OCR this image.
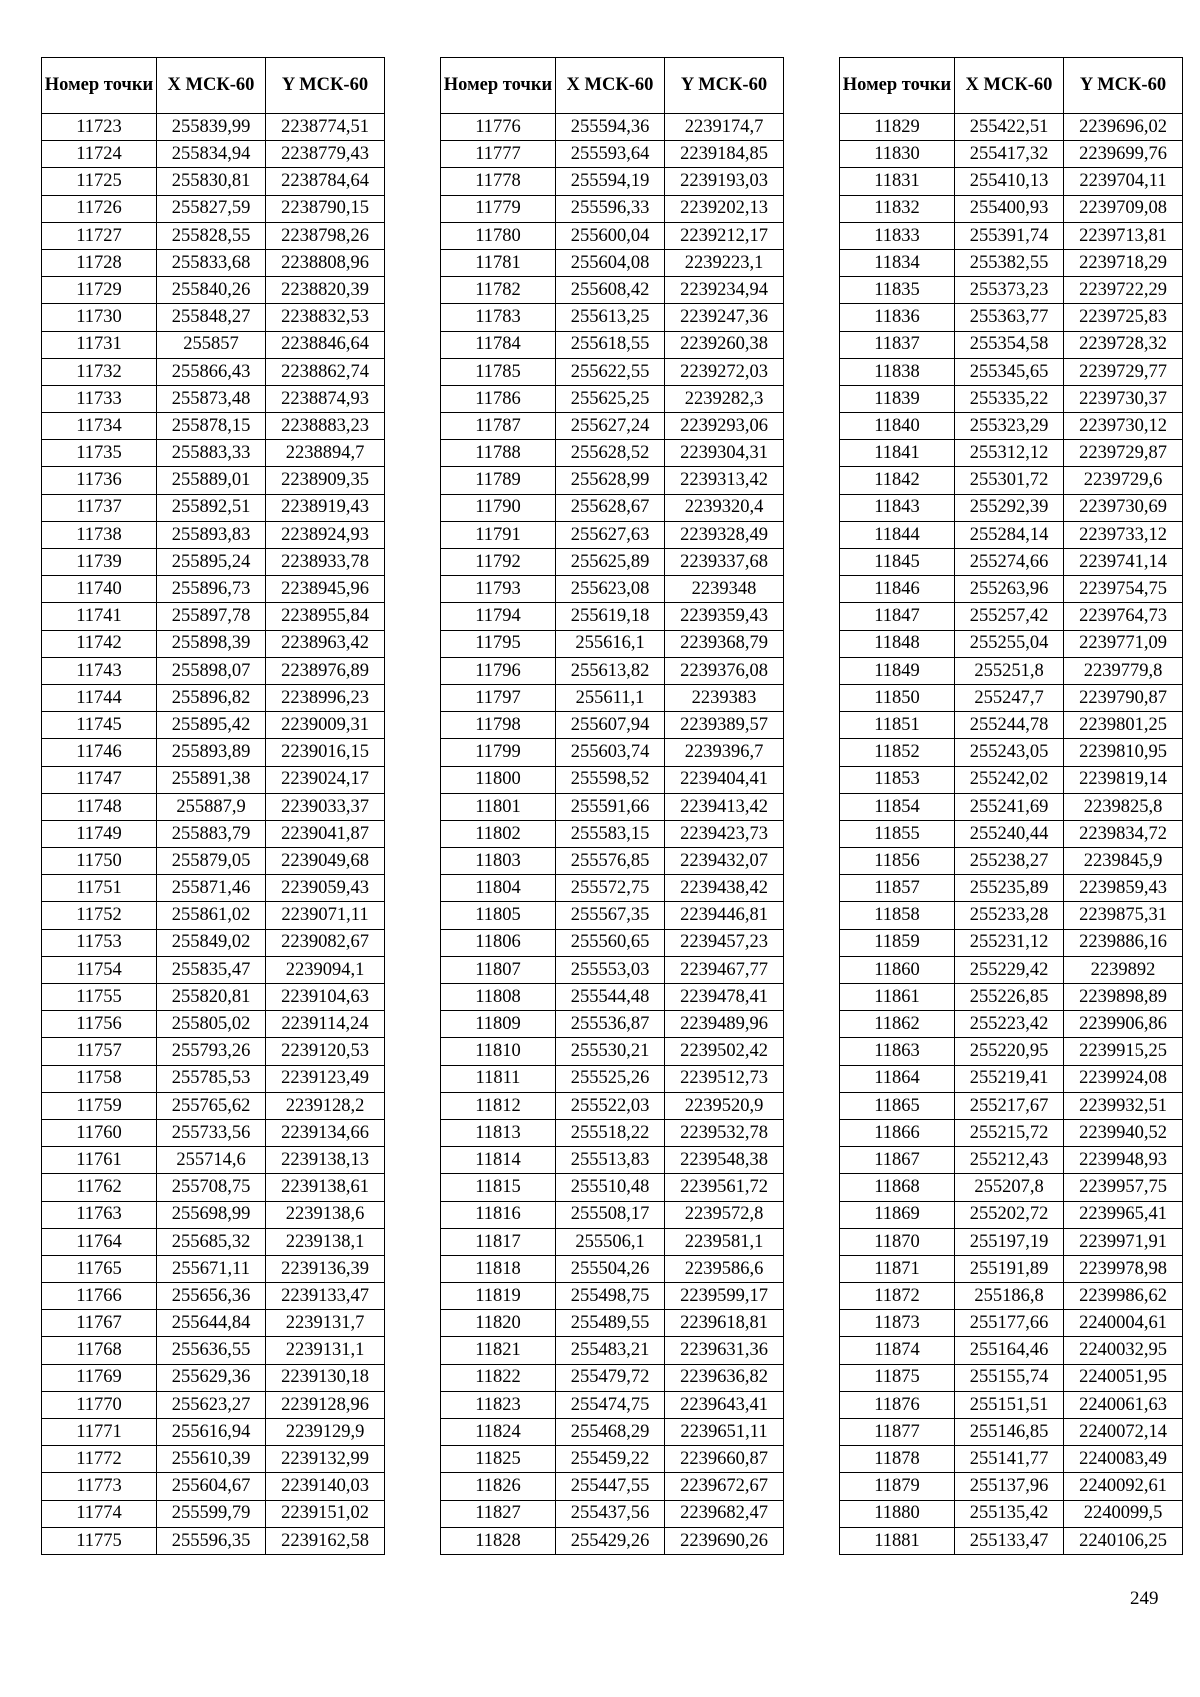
Номер точки	X МСК-60	Y МСК-60
11723	255839,99	2238774,51
11724	255834,94	2238779,43
11725	255830,81	2238784,64
11726	255827,59	2238790,15
11727	255828,55	2238798,26
11728	255833,68	2238808,96
11729	255840,26	2238820,39
11730	255848,27	2238832,53
11731	255857	2238846,64
11732	255866,43	2238862,74
11733	255873,48	2238874,93
11734	255878,15	2238883,23
11735	255883,33	2238894,7
11736	255889,01	2238909,35
11737	255892,51	2238919,43
11738	255893,83	2238924,93
11739	255895,24	2238933,78
11740	255896,73	2238945,96
11741	255897,78	2238955,84
11742	255898,39	2238963,42
11743	255898,07	2238976,89
11744	255896,82	2238996,23
11745	255895,42	2239009,31
11746	255893,89	2239016,15
11747	255891,38	2239024,17
11748	255887,9	2239033,37
11749	255883,79	2239041,87
11750	255879,05	2239049,68
11751	255871,46	2239059,43
11752	255861,02	2239071,11
11753	255849,02	2239082,67
11754	255835,47	2239094,1
11755	255820,81	2239104,63
11756	255805,02	2239114,24
11757	255793,26	2239120,53
11758	255785,53	2239123,49
11759	255765,62	2239128,2
11760	255733,56	2239134,66
11761	255714,6	2239138,13
11762	255708,75	2239138,61
11763	255698,99	2239138,6
11764	255685,32	2239138,1
11765	255671,11	2239136,39
11766	255656,36	2239133,47
11767	255644,84	2239131,7
11768	255636,55	2239131,1
11769	255629,36	2239130,18
11770	255623,27	2239128,96
11771	255616,94	2239129,9
11772	255610,39	2239132,99
11773	255604,67	2239140,03
11774	255599,79	2239151,02
11775	255596,35	2239162,58
Номер точки	X МСК-60	Y МСК-60
11776	255594,36	2239174,7
11777	255593,64	2239184,85
11778	255594,19	2239193,03
11779	255596,33	2239202,13
11780	255600,04	2239212,17
11781	255604,08	2239223,1
11782	255608,42	2239234,94
11783	255613,25	2239247,36
11784	255618,55	2239260,38
11785	255622,55	2239272,03
11786	255625,25	2239282,3
11787	255627,24	2239293,06
11788	255628,52	2239304,31
11789	255628,99	2239313,42
11790	255628,67	2239320,4
11791	255627,63	2239328,49
11792	255625,89	2239337,68
11793	255623,08	2239348
11794	255619,18	2239359,43
11795	255616,1	2239368,79
11796	255613,82	2239376,08
11797	255611,1	2239383
11798	255607,94	2239389,57
11799	255603,74	2239396,7
11800	255598,52	2239404,41
11801	255591,66	2239413,42
11802	255583,15	2239423,73
11803	255576,85	2239432,07
11804	255572,75	2239438,42
11805	255567,35	2239446,81
11806	255560,65	2239457,23
11807	255553,03	2239467,77
11808	255544,48	2239478,41
11809	255536,87	2239489,96
11810	255530,21	2239502,42
11811	255525,26	2239512,73
11812	255522,03	2239520,9
11813	255518,22	2239532,78
11814	255513,83	2239548,38
11815	255510,48	2239561,72
11816	255508,17	2239572,8
11817	255506,1	2239581,1
11818	255504,26	2239586,6
11819	255498,75	2239599,17
11820	255489,55	2239618,81
11821	255483,21	2239631,36
11822	255479,72	2239636,82
11823	255474,75	2239643,41
11824	255468,29	2239651,11
11825	255459,22	2239660,87
11826	255447,55	2239672,67
11827	255437,56	2239682,47
11828	255429,26	2239690,26
Номер точки	X МСК-60	Y МСК-60
11829	255422,51	2239696,02
11830	255417,32	2239699,76
11831	255410,13	2239704,11
11832	255400,93	2239709,08
11833	255391,74	2239713,81
11834	255382,55	2239718,29
11835	255373,23	2239722,29
11836	255363,77	2239725,83
11837	255354,58	2239728,32
11838	255345,65	2239729,77
11839	255335,22	2239730,37
11840	255323,29	2239730,12
11841	255312,12	2239729,87
11842	255301,72	2239729,6
11843	255292,39	2239730,69
11844	255284,14	2239733,12
11845	255274,66	2239741,14
11846	255263,96	2239754,75
11847	255257,42	2239764,73
11848	255255,04	2239771,09
11849	255251,8	2239779,8
11850	255247,7	2239790,87
11851	255244,78	2239801,25
11852	255243,05	2239810,95
11853	255242,02	2239819,14
11854	255241,69	2239825,8
11855	255240,44	2239834,72
11856	255238,27	2239845,9
11857	255235,89	2239859,43
11858	255233,28	2239875,31
11859	255231,12	2239886,16
11860	255229,42	2239892
11861	255226,85	2239898,89
11862	255223,42	2239906,86
11863	255220,95	2239915,25
11864	255219,41	2239924,08
11865	255217,67	2239932,51
11866	255215,72	2239940,52
11867	255212,43	2239948,93
11868	255207,8	2239957,75
11869	255202,72	2239965,41
11870	255197,19	2239971,91
11871	255191,89	2239978,98
11872	255186,8	2239986,62
11873	255177,66	2240004,61
11874	255164,46	2240032,95
11875	255155,74	2240051,95
11876	255151,51	2240061,63
11877	255146,85	2240072,14
11878	255141,77	2240083,49
11879	255137,96	2240092,61
11880	255135,42	2240099,5
11881	255133,47	2240106,25
249
